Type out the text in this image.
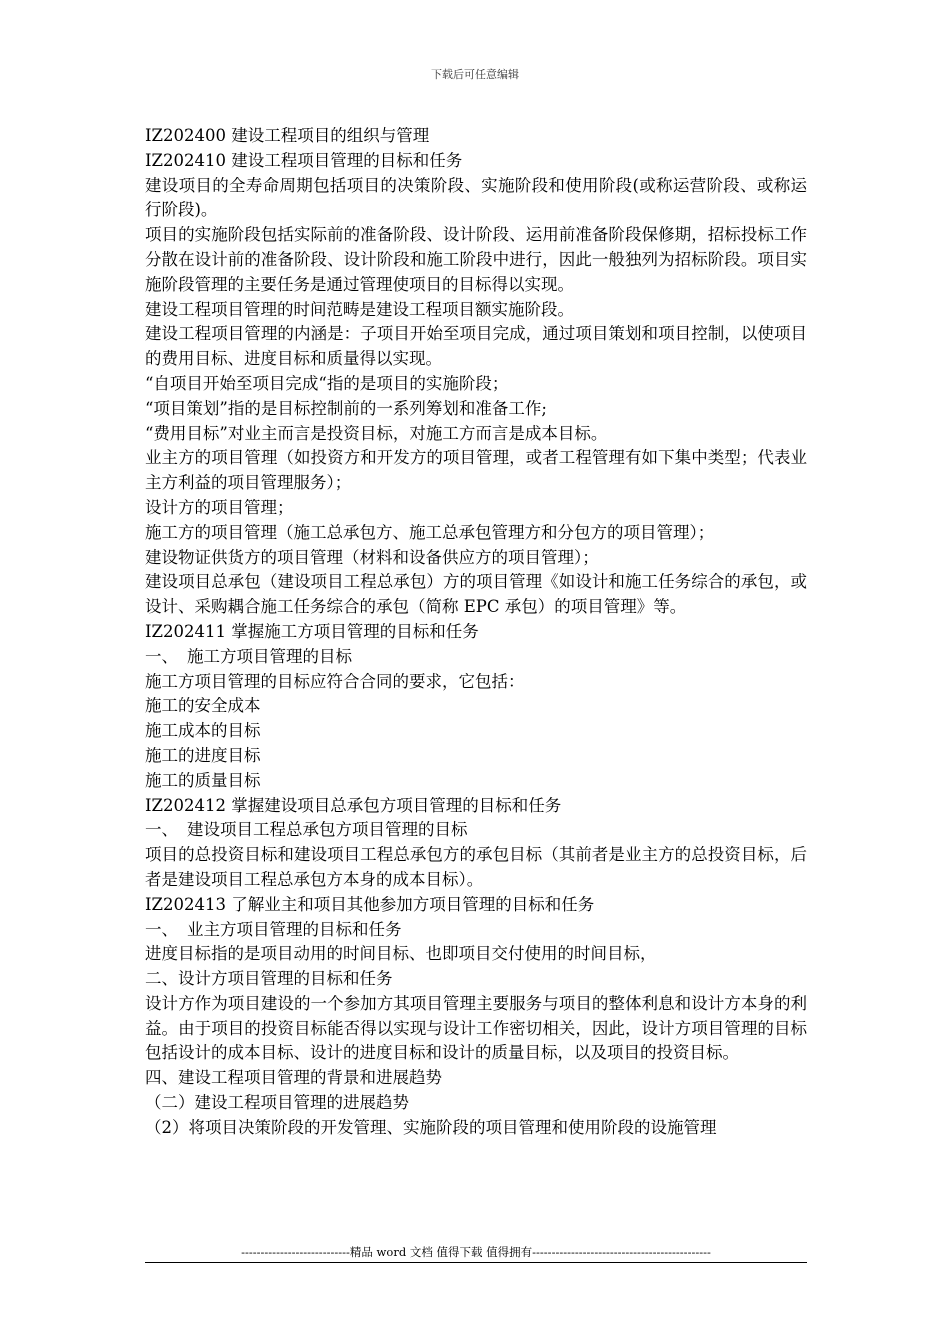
下载后可任意编辑

IZ202400 建设工程项目的组织与管理

IZ202410 建设工程项目管理的目标和任务

建设项目的全寿命周期包括项目的决策阶段、实施阶段和使用阶段(或称运营阶段、或称运行阶段)。

项目的实施阶段包括实际前的准备阶段、设计阶段、运用前准备阶段保修期，招标投标工作分散在设计前的准备阶段、设计阶段和施工阶段中进行，因此一般独列为招标阶段。项目实施阶段管理的主要任务是通过管理使项目的目标得以实现。

建设工程项目管理的时间范畴是建设工程项目额实施阶段。

建设工程项目管理的内涵是：子项目开始至项目完成，通过项目策划和项目控制，以使项目的费用目标、进度目标和质量得以实现。

“自项目开始至项目完成“指的是项目的实施阶段；

“项目策划”指的是目标控制前的一系列筹划和准备工作;

“费用目标”对业主而言是投资目标，对施工方而言是成本目标。

业主方的项目管理（如投资方和开发方的项目管理，或者工程管理有如下集中类型；代表业主方利益的项目管理服务）；

设计方的项目管理；

施工方的项目管理（施工总承包方、施工总承包管理方和分包方的项目管理）；

建设物证供货方的项目管理（材料和设备供应方的项目管理）；

建设项目总承包（建设项目工程总承包）方的项目管理《如设计和施工任务综合的承包，或设计、采购耦合施工任务综合的承包（简称 EPC 承包）的项目管理》等。

IZ202411 掌握施工方项目管理的目标和任务

一、 施工方项目管理的目标

施工方项目管理的目标应符合合同的要求，它包括：

施工的安全成本

施工成本的目标

施工的进度目标

施工的质量目标

IZ202412 掌握建设项目总承包方项目管理的目标和任务

一、 建设项目工程总承包方项目管理的目标

项目的总投资目标和建设项目工程总承包方的承包目标（其前者是业主方的总投资目标，后者是建设项目工程总承包方本身的成本目标）。

IZ202413 了解业主和项目其他参加方项目管理的目标和任务

一、 业主方项目管理的目标和任务

进度目标指的是项目动用的时间目标、也即项目交付使用的时间目标，

二、设计方项目管理的目标和任务

设计方作为项目建设的一个参加方其项目管理主要服务与项目的整体利息和设计方本身的利益。由于项目的投资目标能否得以实现与设计工作密切相关，因此，设计方项目管理的目标包括设计的成本目标、设计的进度目标和设计的质量目标，以及项目的投资目标。

四、建设工程项目管理的背景和进展趋势

（二）建设工程项目管理的进展趋势

（2）将项目决策阶段的开发管理、实施阶段的项目管理和使用阶段的设施管理

----------------------------精品 word 文档 值得下载 值得拥有----------------------------------------------
